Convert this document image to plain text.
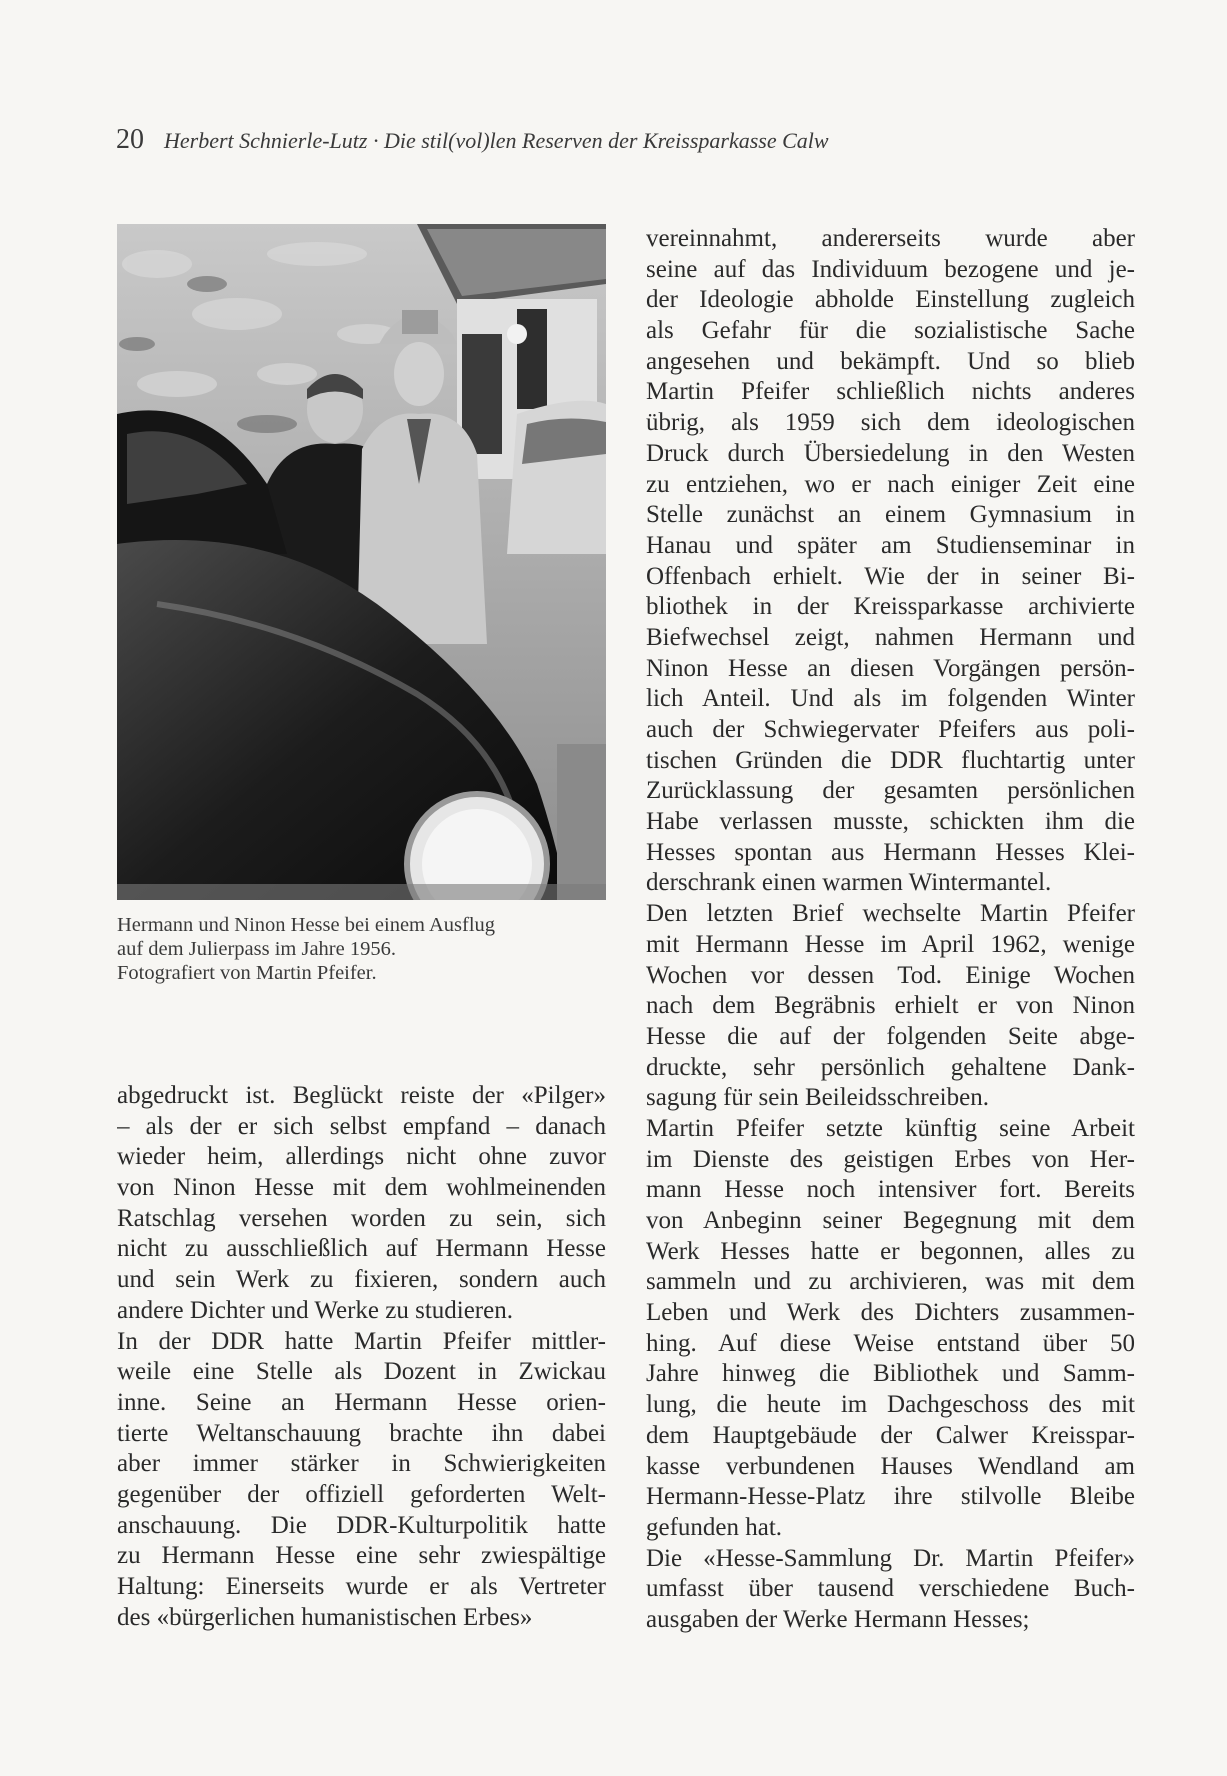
20 Herbert Schnierle-Lutz · Die stil(vol)len Reserven der Kreissparkasse Calw
Hermann und Ninon Hesse bei einem Ausflug
auf dem Julierpass im Jahre 1956.
Fotografiert von Martin Pfeifer.
abgedruckt ist. Beglückt reiste der «Pilger»
– als der er sich selbst empfand – danach
wieder heim, allerdings nicht ohne zuvor
von Ninon Hesse mit dem wohlmeinenden
Ratschlag versehen worden zu sein, sich
nicht zu ausschließlich auf Hermann Hesse
und sein Werk zu fixieren, sondern auch
andere Dichter und Werke zu studieren.
In der DDR hatte Martin Pfeifer mittler-
weile eine Stelle als Dozent in Zwickau
inne. Seine an Hermann Hesse orien-
tierte Weltanschauung brachte ihn dabei
aber immer stärker in Schwierigkeiten
gegenüber der offiziell geforderten Welt-
anschauung. Die DDR-Kulturpolitik hatte
zu Hermann Hesse eine sehr zwiespältige
Haltung: Einerseits wurde er als Vertreter
des «bürgerlichen humanistischen Erbes»
vereinnahmt, andererseits wurde aber
seine auf das Individuum bezogene und je-
der Ideologie abholde Einstellung zugleich
als Gefahr für die sozialistische Sache
angesehen und bekämpft. Und so blieb
Martin Pfeifer schließlich nichts anderes
übrig, als 1959 sich dem ideologischen
Druck durch Übersiedelung in den Westen
zu entziehen, wo er nach einiger Zeit eine
Stelle zunächst an einem Gymnasium in
Hanau und später am Studienseminar in
Offenbach erhielt. Wie der in seiner Bi-
bliothek in der Kreissparkasse archivierte
Biefwechsel zeigt, nahmen Hermann und
Ninon Hesse an diesen Vorgängen persön-
lich Anteil. Und als im folgenden Winter
auch der Schwiegervater Pfeifers aus poli-
tischen Gründen die DDR fluchtartig unter
Zurücklassung der gesamten persönlichen
Habe verlassen musste, schickten ihm die
Hesses spontan aus Hermann Hesses Klei-
derschrank einen warmen Wintermantel.
Den letzten Brief wechselte Martin Pfeifer
mit Hermann Hesse im April 1962, wenige
Wochen vor dessen Tod. Einige Wochen
nach dem Begräbnis erhielt er von Ninon
Hesse die auf der folgenden Seite abge-
druckte, sehr persönlich gehaltene Dank-
sagung für sein Beileidsschreiben.
Martin Pfeifer setzte künftig seine Arbeit
im Dienste des geistigen Erbes von Her-
mann Hesse noch intensiver fort. Bereits
von Anbeginn seiner Begegnung mit dem
Werk Hesses hatte er begonnen, alles zu
sammeln und zu archivieren, was mit dem
Leben und Werk des Dichters zusammen-
hing. Auf diese Weise entstand über 50
Jahre hinweg die Bibliothek und Samm-
lung, die heute im Dachgeschoss des mit
dem Hauptgebäude der Calwer Kreisspar-
kasse verbundenen Hauses Wendland am
Hermann-Hesse-Platz ihre stilvolle Bleibe
gefunden hat.
Die «Hesse-Sammlung Dr. Martin Pfeifer»
umfasst über tausend verschiedene Buch-
ausgaben der Werke Hermann Hesses;
